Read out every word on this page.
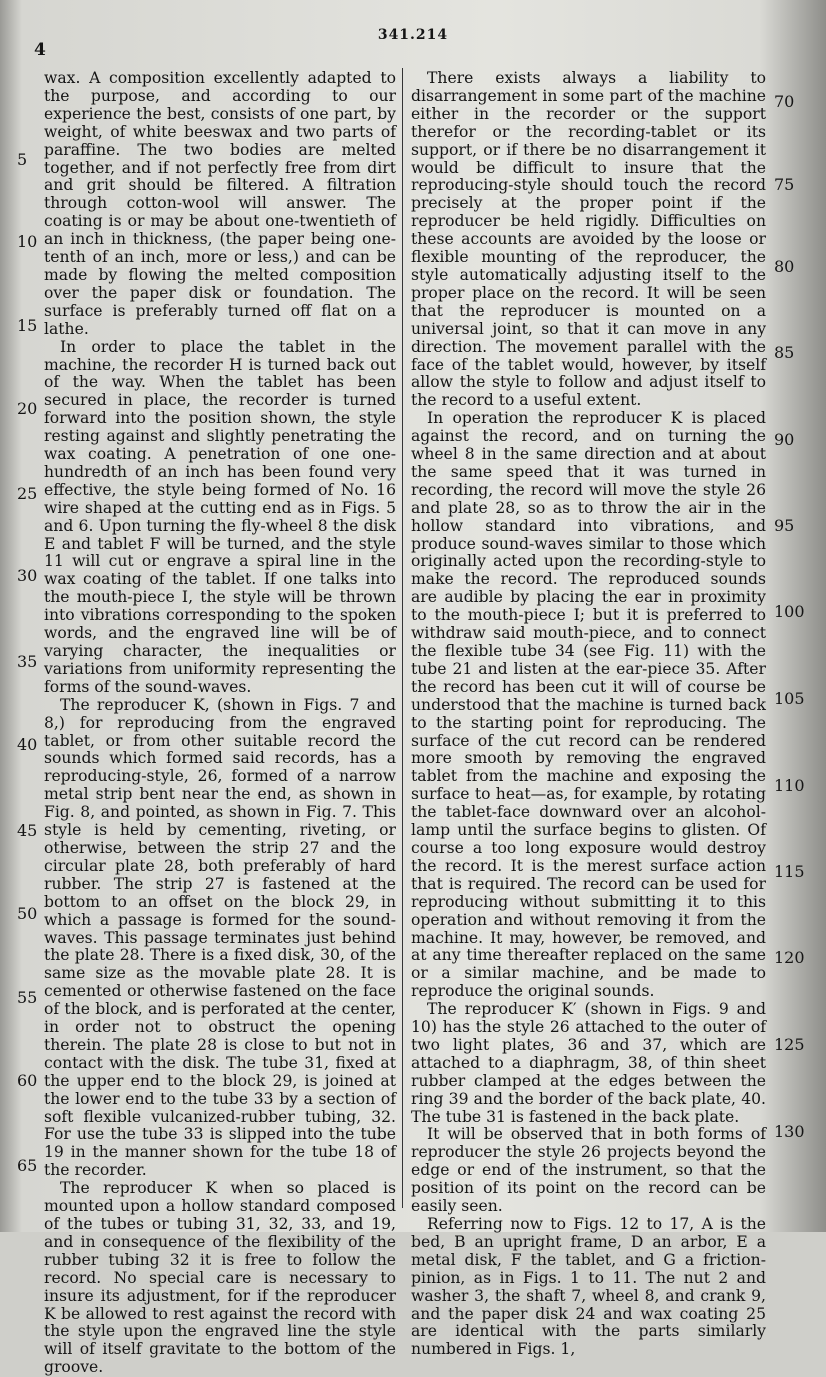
4
341.214

wax. A composition excellently adapted to the purpose, and according to our experience the best, consists of one part, by weight, of white beeswax and two parts of paraffine. The two bodies are melted together, and if not perfectly free from dirt and grit should be filtered. A filtration through cotton-wool will answer. The coating is or may be about one-twentieth of an inch in thickness, (the paper being one-tenth of an inch, more or less,) and can be made by flowing the melted composition over the paper disk or foundation. The surface is preferably turned off flat on a lathe.

In order to place the tablet in the machine, the recorder H is turned back out of the way. When the tablet has been secured in place, the recorder is turned forward into the position shown, the style resting against and slightly penetrating the wax coating. A penetration of one one-hundredth of an inch has been found very effective, the style being formed of No. 16 wire shaped at the cutting end as in Figs. 5 and 6. Upon turning the fly-wheel 8 the disk E and tablet F will be turned, and the style 11 will cut or engrave a spiral line in the wax coating of the tablet. If one talks into the mouth-piece I, the style will be thrown into vibrations corresponding to the spoken words, and the engraved line will be of varying character, the inequalities or variations from uniformity representing the forms of the sound-waves.

The reproducer K, (shown in Figs. 7 and 8,) for reproducing from the engraved tablet, or from other suitable record the sounds which formed said records, has a reproducing-style, 26, formed of a narrow metal strip bent near the end, as shown in Fig. 8, and pointed, as shown in Fig. 7. This style is held by cementing, riveting, or otherwise, between the strip 27 and the circular plate 28, both preferably of hard rubber. The strip 27 is fastened at the bottom to an offset on the block 29, in which a passage is formed for the sound-waves. This passage terminates just behind the plate 28. There is a fixed disk, 30, of the same size as the movable plate 28. It is cemented or otherwise fastened on the face of the block, and is perforated at the center, in order not to obstruct the opening therein. The plate 28 is close to but not in contact with the disk. The tube 31, fixed at the upper end to the block 29, is joined at the lower end to the tube 33 by a section of soft flexible vulcanized-rubber tubing, 32. For use the tube 33 is slipped into the tube 19 in the manner shown for the tube 18 of the recorder.

The reproducer K when so placed is mounted upon a hollow standard composed of the tubes or tubing 31, 32, 33, and 19, and in consequence of the flexibility of the rubber tubing 32 it is free to follow the record. No special care is necessary to insure its adjustment, for if the reproducer K be allowed to rest against the record with the style upon the engraved line the style will of itself gravitate to the bottom of the groove.

There exists always a liability to disarrangement in some part of the machine either in the recorder or the support therefor or the recording-tablet or its support, or if there be no disarrangement it would be difficult to insure that the reproducing-style should touch the record precisely at the proper point if the reproducer be held rigidly. Difficulties on these accounts are avoided by the loose or flexible mounting of the reproducer, the style automatically adjusting itself to the proper place on the record. It will be seen that the reproducer is mounted on a universal joint, so that it can move in any direction. The movement parallel with the face of the tablet would, however, by itself allow the style to follow and adjust itself to the record to a useful extent.

In operation the reproducer K is placed against the record, and on turning the wheel 8 in the same direction and at about the same speed that it was turned in recording, the record will move the style 26 and plate 28, so as to throw the air in the hollow standard into vibrations, and produce sound-waves similar to those which originally acted upon the recording-style to make the record. The reproduced sounds are audible by placing the ear in proximity to the mouth-piece I; but it is preferred to withdraw said mouth-piece, and to connect the flexible tube 34 (see Fig. 11) with the tube 21 and listen at the ear-piece 35. After the record has been cut it will of course be understood that the machine is turned back to the starting point for reproducing. The surface of the cut record can be rendered more smooth by removing the engraved tablet from the machine and exposing the surface to heat—as, for example, by rotating the tablet-face downward over an alcohol-lamp until the surface begins to glisten. Of course a too long exposure would destroy the record. It is the merest surface action that is required. The record can be used for reproducing without submitting it to this operation and without removing it from the machine. It may, however, be removed, and at any time thereafter replaced on the same or a similar machine, and be made to reproduce the original sounds.

The reproducer K′ (shown in Figs. 9 and 10) has the style 26 attached to the outer of two light plates, 36 and 37, which are attached to a diaphragm, 38, of thin sheet rubber clamped at the edges between the ring 39 and the border of the back plate, 40. The tube 31 is fastened in the back plate.

It will be observed that in both forms of reproducer the style 26 projects beyond the edge or end of the instrument, so that the position of its point on the record can be easily seen.

Referring now to Figs. 12 to 17, A is the bed, B an upright frame, D an arbor, E a metal disk, F the tablet, and G a friction-pinion, as in Figs. 1 to 11. The nut 2 and washer 3, the shaft 7, wheel 8, and crank 9, and the paper disk 24 and wax coating 25 are identical with the parts similarly numbered in Figs. 1,

5
10
15
20
25
30
35
40
45
50
55
60
65
70
75
80
85
90
95
100
105
110
115
120
125
130
